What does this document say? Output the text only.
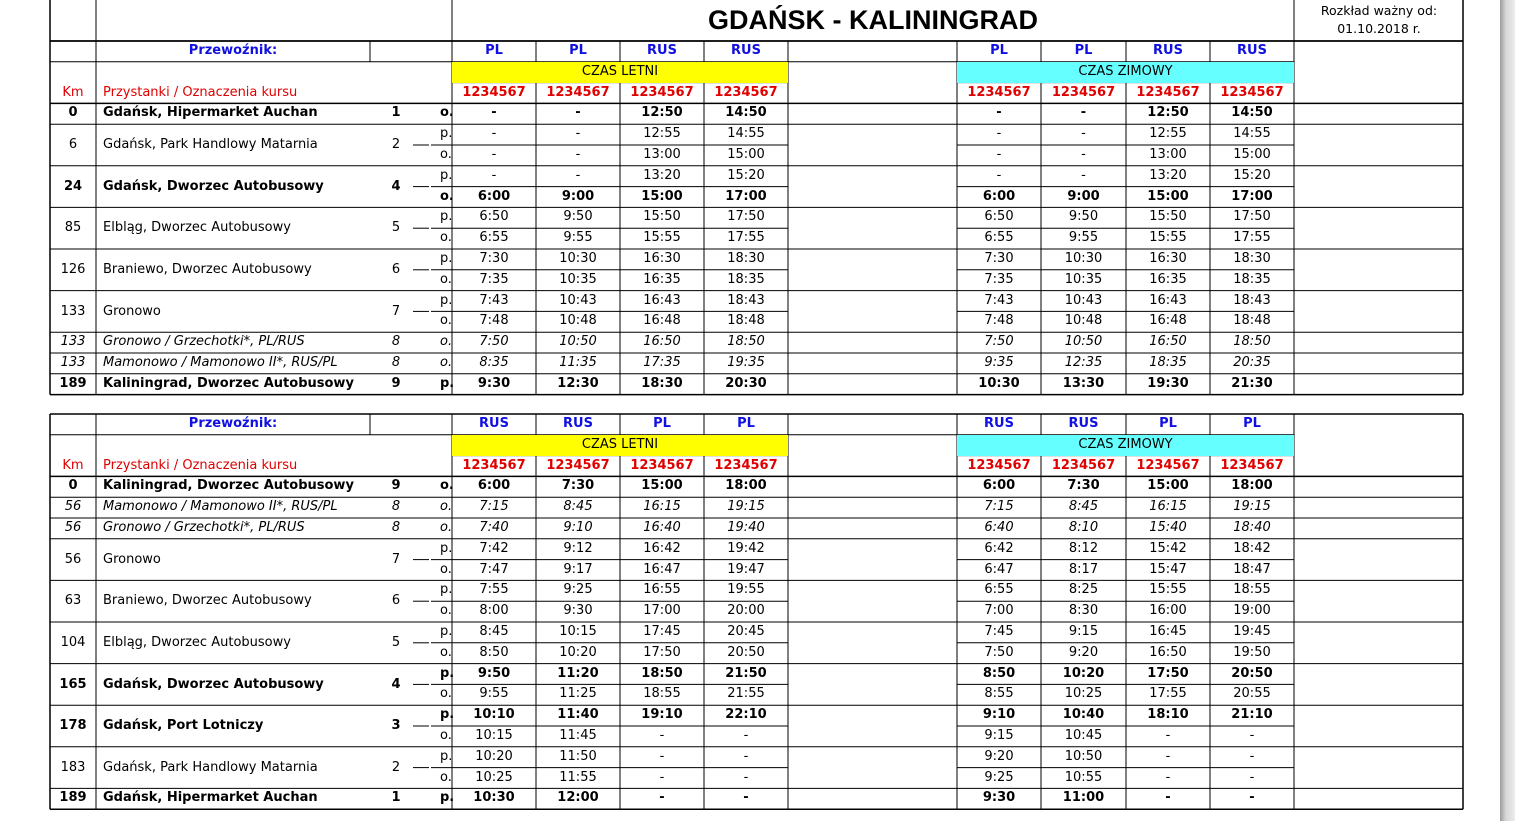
GDAŃSK - KALININGRAD	Rozkład ważny od:
01.10.2018 r.
Przewoźnik:	PL	PL	RUS	RUS	PL	PL	RUS	RUS
CZAS LETNI	CZAS ZIMOWY
Km	Przystanki / Oznaczenia kursu	1234567	1234567	1234567	1234567	1234567	1234567	1234567	1234567
0	Gdańsk, Hipermarket Auchan	1	o.	-	-	12:50	14:50	-	-	12:50	14:50
6	Gdańsk, Park Handlowy Matarnia	2
p.	-	-	12:55	14:55	-	-	12:55	14:55
o.	-	-	13:00	15:00	-	-	13:00	15:00
24	Gdańsk, Dworzec Autobusowy	4
p.	-	-	13:20	15:20	-	-	13:20	15:20
o.	6:00	9:00	15:00	17:00	6:00	9:00	15:00	17:00
85	Elbląg, Dworzec Autobusowy	5
p.	6:50	9:50	15:50	17:50	6:50	9:50	15:50	17:50
o.	6:55	9:55	15:55	17:55	6:55	9:55	15:55	17:55
126	Braniewo, Dworzec Autobusowy	6
p.	7:30	10:30	16:30	18:30	7:30	10:30	16:30	18:30
o.	7:35	10:35	16:35	18:35	7:35	10:35	16:35	18:35
133	Gronowo	7
p.	7:43	10:43	16:43	18:43	7:43	10:43	16:43	18:43
o.	7:48	10:48	16:48	18:48	7:48	10:48	16:48	18:48
133	Gronowo / Grzechotki*, PL/RUS	8	o.	7:50	10:50	16:50	18:50	7:50	10:50	16:50	18:50
133	Mamonowo / Mamonowo II*, RUS/PL	8	o.	8:35	11:35	17:35	19:35	9:35	12:35	18:35	20:35
189	Kaliningrad, Dworzec Autobusowy	9	p.	9:30	12:30	18:30	20:30	10:30	13:30	19:30	21:30
Przewoźnik:	RUS	RUS	PL	PL	RUS	RUS	PL	PL
CZAS LETNI	CZAS ZIMOWY
Km	Przystanki / Oznaczenia kursu	1234567	1234567	1234567	1234567	1234567	1234567	1234567	1234567
0	Kaliningrad, Dworzec Autobusowy	9	o.	6:00	7:30	15:00	18:00	6:00	7:30	15:00	18:00
56	Mamonowo / Mamonowo II*, RUS/PL	8	o.	7:15	8:45	16:15	19:15	7:15	8:45	16:15	19:15
56	Gronowo / Grzechotki*, PL/RUS	8	o.	7:40	9:10	16:40	19:40	6:40	8:10	15:40	18:40
56	Gronowo	7
p.	7:42	9:12	16:42	19:42	6:42	8:12	15:42	18:42
o.	7:47	9:17	16:47	19:47	6:47	8:17	15:47	18:47
63	Braniewo, Dworzec Autobusowy	6
p.	7:55	9:25	16:55	19:55	6:55	8:25	15:55	18:55
o.	8:00	9:30	17:00	20:00	7:00	8:30	16:00	19:00
104	Elbląg, Dworzec Autobusowy	5
p.	8:45	10:15	17:45	20:45	7:45	9:15	16:45	19:45
o.	8:50	10:20	17:50	20:50	7:50	9:20	16:50	19:50
165	Gdańsk, Dworzec Autobusowy	4
p.	9:50	11:20	18:50	21:50	8:50	10:20	17:50	20:50
o.	9:55	11:25	18:55	21:55	8:55	10:25	17:55	20:55
178	Gdańsk, Port Lotniczy	3
p.	10:10	11:40	19:10	22:10	9:10	10:40	18:10	21:10
o.	10:15	11:45	-	-	9:15	10:45	-	-
183	Gdańsk, Park Handlowy Matarnia	2
p.	10:20	11:50	-	-	9:20	10:50	-	-
o.	10:25	11:55	-	-	9:25	10:55	-	-
189	Gdańsk, Hipermarket Auchan	1	p.	10:30	12:00	-	-	9:30	11:00	-	-
